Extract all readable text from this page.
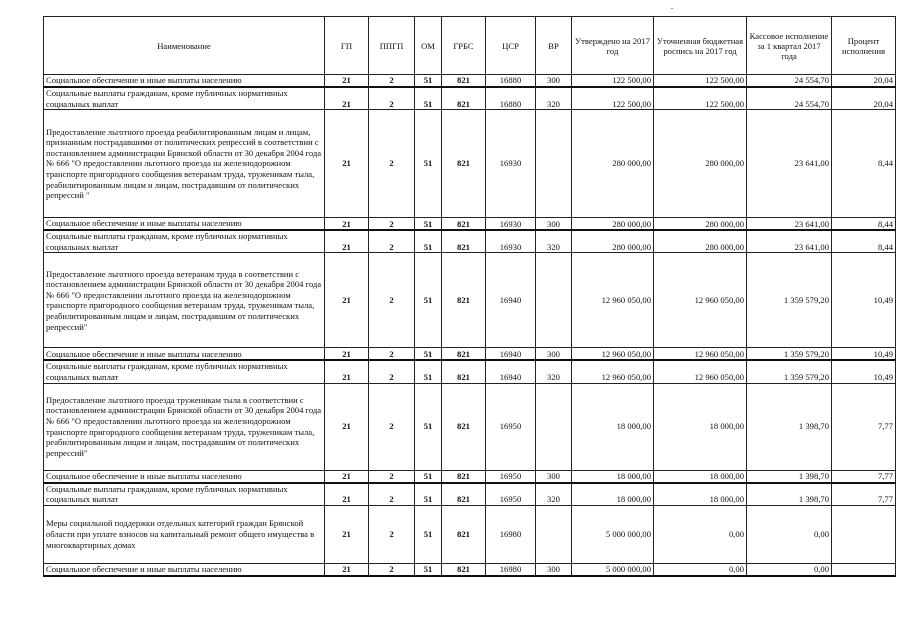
Наименование	ГП	ППГП	ОМ	ГРБС	ЦСР	ВР	Утверждено на 2017 год	Уточненная бюджетная роспись на 2017 год	Кассовое исполнение за 1 квартал 2017 года	Процент исполнения
Социальное обеспечение и иные выплаты населению	21	2	51	821	16880	300	122 500,00	122 500,00	24 554,70	20,04
Социальные выплаты гражданам, кроме публичных нормативных социальных выплат	21	2	51	821	16880	320	122 500,00	122 500,00	24 554,70	20,04
Предоставление льготного проезда реабилитированным лицам и лицам, признанным пострадавшими от политических репрессий в соответствии с постановлением администрации Брянской области от 30 декабря 2004 года № 666 "О предоставлении льготного проезда на железнодорожном транспорте пригородного сообщения ветеранам труда, труженикам тыла, реабилитированным лицам и лицам, пострадавшим от политических репрессий "	21	2	51	821	16930		280 000,00	280 000,00	23 641,00	8,44
Социальное обеспечение и иные выплаты населению	21	2	51	821	16930	300	280 000,00	280 000,00	23 641,00	8,44
Социальные выплаты гражданам, кроме публичных нормативных социальных выплат	21	2	51	821	16930	320	280 000,00	280 000,00	23 641,00	8,44
Предоставление льготного проезда ветеранам труда в соответствии с постановлением администрации Брянской области от 30 декабря 2004 года № 666 "О предоставлении льготного проезда на железнодорожном транспорте пригородного сообщения ветеранам труда, труженикам тыла, реабилитированным лицам и лицам, пострадавшим от политических репрессий"	21	2	51	821	16940		12 960 050,00	12 960 050,00	1 359 579,20	10,49
Социальное обеспечение и иные выплаты населению	21	2	51	821	16940	300	12 960 050,00	12 960 050,00	1 359 579,20	10,49
Социальные выплаты гражданам, кроме публичных нормативных социальных выплат	21	2	51	821	16940	320	12 960 050,00	12 960 050,00	1 359 579,20	10,49
Предоставление льготного проезда труженикам тыла в соответствии с постановлением администрации Брянской области от 30 декабря 2004 года № 666 "О предоставлении льготного проезда на железнодорожном транспорте пригородного сообщения ветеранам труда, труженикам тыла, реабилитированным лицам и лицам, пострадавшим от политических репрессий"	21	2	51	821	16950		18 000,00	18 000,00	1 398,70	7,77
Социальное обеспечение и иные выплаты населению	21	2	51	821	16950	300	18 000,00	18 000,00	1 398,70	7,77
Социальные выплаты гражданам, кроме публичных нормативных социальных выплат	21	2	51	821	16950	320	18 000,00	18 000,00	1 398,70	7,77
Меры социальной поддержки отдельных категорий граждан Брянской области при уплате взносов на капитальный ремонт общего имущества в многоквартирных домах	21	2	51	821	16980		5 000 000,00	0,00	0,00	
Социальное обеспечение и иные выплаты населению	21	2	51	821	16980	300	5 000 000,00	0,00	0,00	
